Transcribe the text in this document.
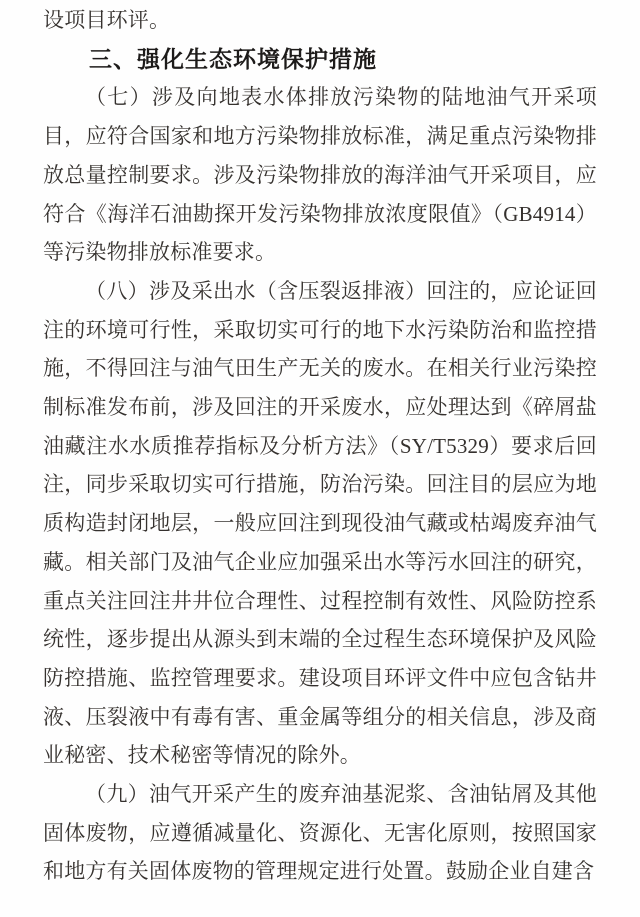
设项目环评。

三、强化生态环境保护措施

（七）涉及向地表水体排放污染物的陆地油气开采项目，应符合国家和地方污染物排放标准，满足重点污染物排放总量控制要求。涉及污染物排放的海洋油气开采项目，应符合《海洋石油勘探开发污染物排放浓度限值》（GB4914）等污染物排放标准要求。

（八）涉及采出水（含压裂返排液）回注的，应论证回注的环境可行性，采取切实可行的地下水污染防治和监控措施，不得回注与油气田生产无关的废水。在相关行业污染控制标准发布前，涉及回注的开采废水，应处理达到《碎屑盐油藏注水水质推荐指标及分析方法》（SY/T5329）要求后回注，同步采取切实可行措施，防治污染。回注目的层应为地质构造封闭地层，一般应回注到现役油气藏或枯竭废弃油气藏。相关部门及油气企业应加强采出水等污水回注的研究，重点关注回注井井位合理性、过程控制有效性、风险防控系统性，逐步提出从源头到末端的全过程生态环境保护及风险防控措施、监控管理要求。建设项目环评文件中应包含钻井液、压裂液中有毒有害、重金属等组分的相关信息，涉及商业秘密、技术秘密等情况的除外。

（九）油气开采产生的废弃油基泥浆、含油钻屑及其他固体废物，应遵循减量化、资源化、无害化原则，按照国家和地方有关固体废物的管理规定进行处置。鼓励企业自建含
